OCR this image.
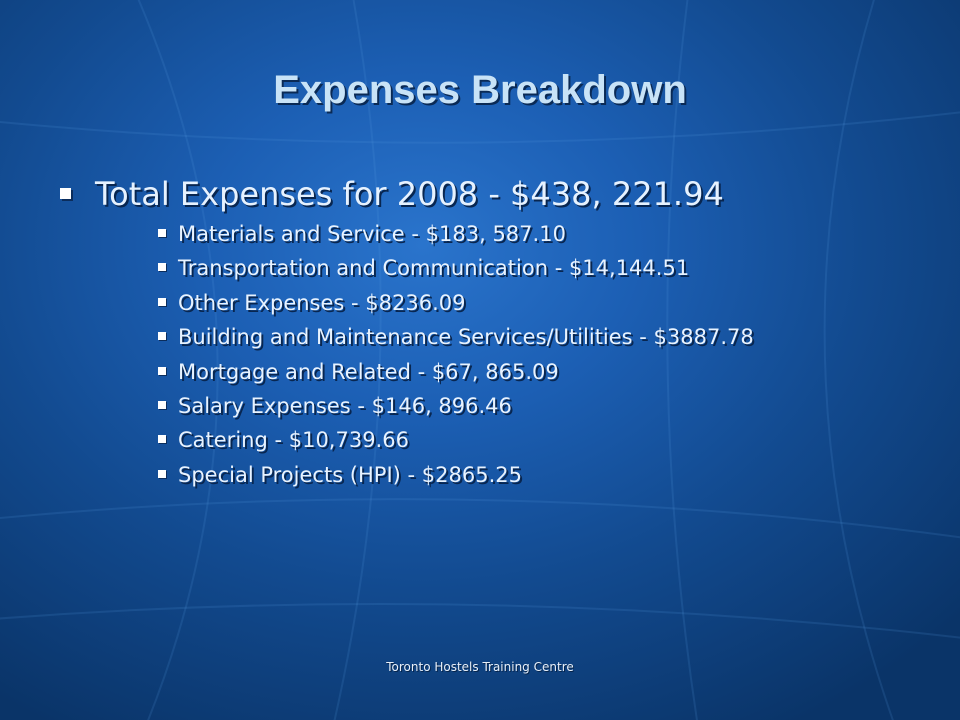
Expenses Breakdown
Total Expenses for 2008 - $438, 221.94
Materials and Service - $183, 587.10
Transportation and Communication - $14,144.51
Other Expenses - $8236.09
Building and Maintenance Services/Utilities - $3887.78
Mortgage and Related - $67, 865.09
Salary Expenses - $146, 896.46
Catering - $10,739.66
Special Projects (HPI) - $2865.25
Toronto Hostels Training Centre
